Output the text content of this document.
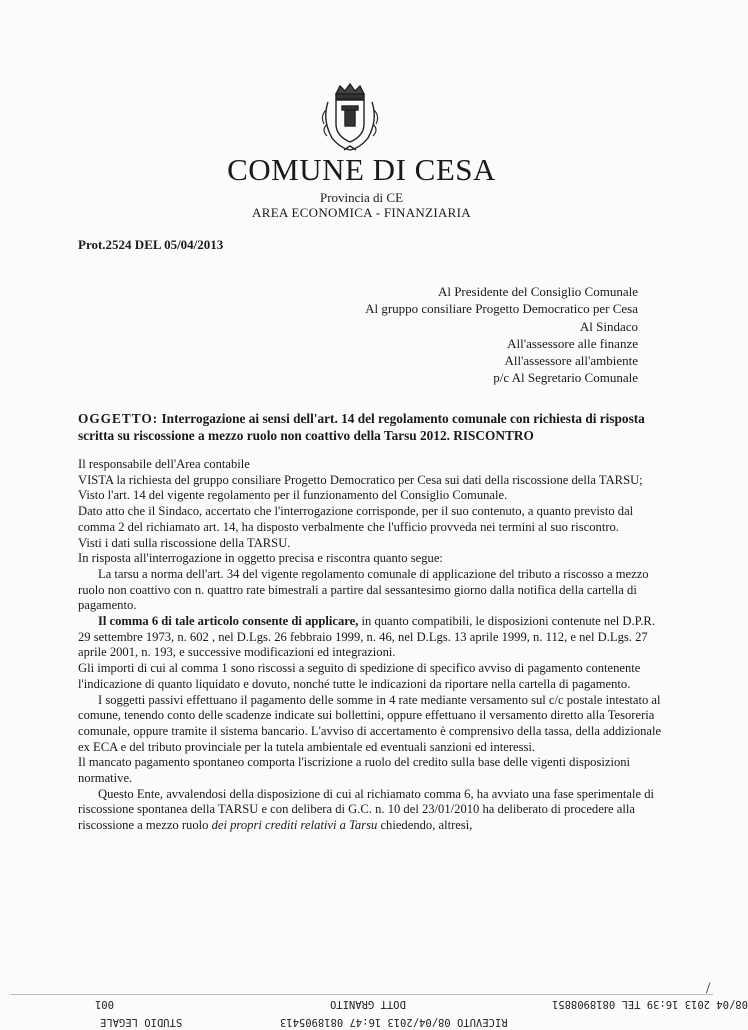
COMUNE DI CESA
Provincia di CE
AREA ECONOMICA - FINANZIARIA
Prot.2524 DEL 05/04/2013
Al Presidente del Consiglio Comunale
Al gruppo consiliare Progetto Democratico per Cesa
Al Sindaco
All'assessore alle finanze
All'assessore all'ambiente
p/c Al Segretario Comunale
OGGETTO: Interrogazione ai sensi dell'art. 14 del regolamento comunale con richiesta di risposta scritta su riscossione a mezzo ruolo non coattivo della Tarsu 2012. RISCONTRO

Il responsabile dell'Area contabile

VISTA la richiesta del gruppo consiliare Progetto Democratico per Cesa sui dati della riscossione della TARSU;

Visto l'art. 14 del vigente regolamento per il funzionamento del Consiglio Comunale.

Dato atto che il Sindaco, accertato che l'interrogazione corrisponde, per il suo contenuto, a quanto previsto dal comma 2 del richiamato art. 14, ha disposto verbalmente che l'ufficio provveda nei termini al suo riscontro.

Visti i dati sulla riscossione della TARSU.

In risposta all'interrogazione in oggetto precisa e riscontra quanto segue:

La tarsu a norma dell'art. 34 del vigente regolamento comunale di applicazione del tributo a riscosso a mezzo ruolo non coattivo con n. quattro rate bimestrali a partire dal sessantesimo giorno dalla notifica della cartella di pagamento.

Il comma 6 di tale articolo consente di applicare, in quanto compatibili, le disposizioni contenute nel D.P.R. 29 settembre 1973, n. 602 , nel D.Lgs. 26 febbraio 1999, n. 46, nel D.Lgs. 13 aprile 1999, n. 112, e nel D.Lgs. 27 aprile 2001, n. 193, e successive modificazioni ed integrazioni.

Gli importi di cui al comma 1 sono riscossi a seguito di spedizione di specifico avviso di pagamento contenente l'indicazione di quanto liquidato e dovuto, nonché tutte le indicazioni da riportare nella cartella di pagamento.

I soggetti passivi effettuano il pagamento delle somme in 4 rate mediante versamento sul c/c postale intestato al comune, tenendo conto delle scadenze indicate sui bollettini, oppure effettuano il versamento diretto alla Tesoreria comunale, oppure tramite il sistema bancario. L'avviso di accertamento è comprensivo della tassa, della addizionale ex ECA e del tributo provinciale per la tutela ambientale ed eventuali sanzioni ed interessi.

Il mancato pagamento spontaneo comporta l'iscrizione a ruolo del credito sulla base delle vigenti disposizioni normative.

Questo Ente, avvalendosi della disposizione di cui al richiamato comma 6, ha avviato una fase sperimentale di riscossione spontanea della TARSU e con delibera di G.C. n. 10 del 23/01/2010 ha deliberato di procedere alla riscossione a mezzo ruolo dei propri crediti relativi a Tarsu chiedendo, altresì,

/
08/04 2013 16:39 TEL 0818908851
DOTT GRANITO
001
RICEVUTO 08/04/2013 16:47 0818905413
STUDIO LEGALE
